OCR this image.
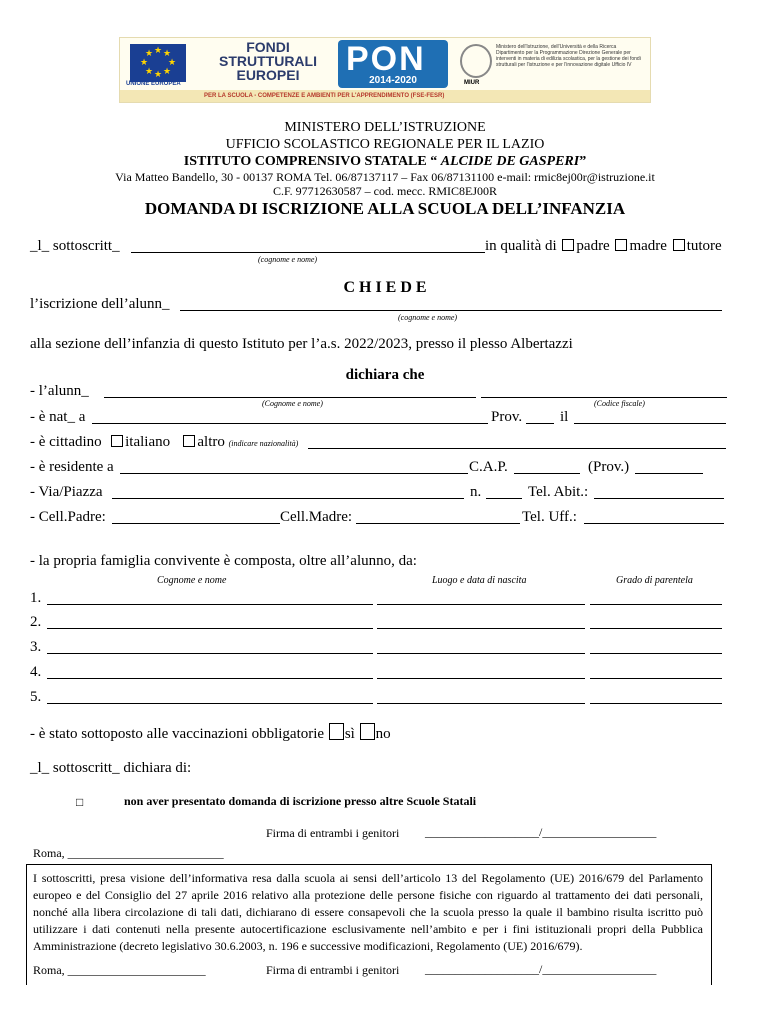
★ ★
★
★
★
★
★
★
UNIONE EUROPEA
FONDI
STRUTTURALI
EUROPEI	PON
2014-2020	MIUR
Ministero dell'Istruzione, dell'Università e della Ricerca Dipartimento per la Programmazione Direzione Generale per interventi in materia di edilizia scolastica, per la gestione dei fondi strutturali per l'istruzione e per l'innovazione digitale Ufficio IV
PER LA SCUOLA - COMPETENZE E AMBIENTI PER L'APPRENDIMENTO (FSE-FESR)
MINISTERO DELL’ISTRUZIONE
UFFICIO SCOLASTICO REGIONALE PER IL LAZIO
ISTITUTO COMPRENSIVO STATALE “ ALCIDE DE GASPERI”
Via Matteo Bandello, 30 - 00137 ROMA Tel. 06/87137117 – Fax 06/87131100 e-mail: rmic8ej00r@istruzione.it
C.F. 97712630587 – cod. mecc. RMIC8EJ00R
DOMANDA DI ISCRIZIONE ALLA SCUOLA DELL’INFANZIA
_l_ sottoscritt_	in qualità di padre madre tutore
(cognome e nome)
C H I E D E
l’iscrizione dell’alunn_
(cognome e nome)
alla sezione dell’infanzia di questo Istituto per l’a.s. 2022/2023, presso il plesso Albertazzi
dichiara che
- l’alunn_
(Cognome e nome)	(Codice fiscale)
- è nat_ a	Prov.	il
- è cittadino italiano altro (indicare nazionalità)
- è residente a	C.A.P.	(Prov.)
- Via/Piazza	n.	Tel. Abit.:
- Cell.Padre:	Cell.Madre:	Tel. Uff.:
- la propria famiglia convivente è composta, oltre all’alunno, da:
Cognome e nome	Luogo e data di nascita	Grado di parentela
1.
2.
3.
4.
5.
- è stato sottoposto alle vaccinazioni obbligatorie sì no
_l_ sottoscritt_ dichiara di:
□	non aver presentato domanda di iscrizione presso altre Scuole Statali
Firma di entrambi i genitori ___________________/___________________
Roma, __________________________
I sottoscritti, presa visione dell’informativa resa dalla scuola ai sensi dell’articolo 13 del Regolamento (UE) 2016/679 del Parlamento europeo e del Consiglio del 27 aprile 2016 relativo alla protezione delle persone fisiche con riguardo al trattamento dei dati personali, nonché alla libera circolazione di tali dati, dichiarano di essere consapevoli che la scuola presso la quale il bambino risulta iscritto può utilizzare i dati contenuti nella presente autocertificazione esclusivamente nell’ambito e per i fini istituzionali propri della Pubblica Amministrazione (decreto legislativo 30.6.2003, n. 196 e successive modificazioni, Regolamento (UE) 2016/679).
Roma, _______________________	Firma di entrambi i genitori ___________________/___________________
